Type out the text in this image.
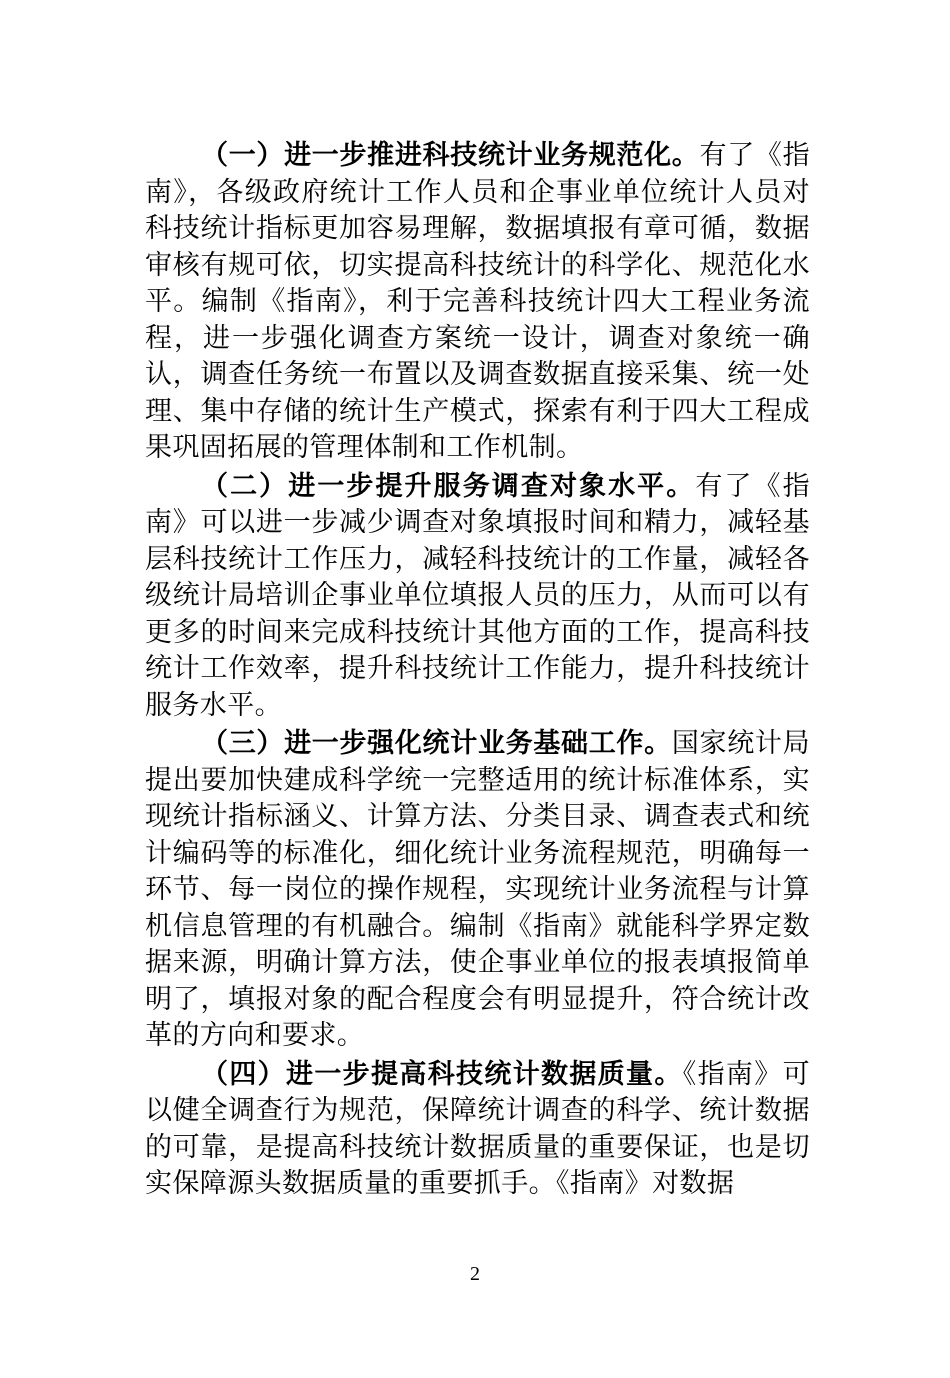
（一）进一步推进科技统计业务规范化。有了《指南》，各级政府统计工作人员和企事业单位统计人员对科技统计指标更加容易理解，数据填报有章可循，数据审核有规可依，切实提高科技统计的科学化、规范化水平。编制《指南》，利于完善科技统计四大工程业务流程，进一步强化调查方案统一设计，调查对象统一确认，调查任务统一布置以及调查数据直接采集、统一处理、集中存储的统计生产模式，探索有利于四大工程成果巩固拓展的管理体制和工作机制。

（二）进一步提升服务调查对象水平。有了《指南》可以进一步减少调查对象填报时间和精力，减轻基层科技统计工作压力，减轻科技统计的工作量，减轻各级统计局培训企事业单位填报人员的压力，从而可以有更多的时间来完成科技统计其他方面的工作，提高科技统计工作效率，提升科技统计工作能力，提升科技统计服务水平。

（三）进一步强化统计业务基础工作。国家统计局提出要加快建成科学统一完整适用的统计标准体系，实现统计指标涵义、计算方法、分类目录、调查表式和统计编码等的标准化，细化统计业务流程规范，明确每一环节、每一岗位的操作规程，实现统计业务流程与计算机信息管理的有机融合。编制《指南》就能科学界定数据来源，明确计算方法，使企事业单位的报表填报简单明了，填报对象的配合程度会有明显提升，符合统计改革的方向和要求。

（四）进一步提高科技统计数据质量。《指南》可以健全调查行为规范，保障统计调查的科学、统计数据的可靠，是提高科技统计数据质量的重要保证，也是切实保障源头数据质量的重要抓手。《指南》对数据

2
